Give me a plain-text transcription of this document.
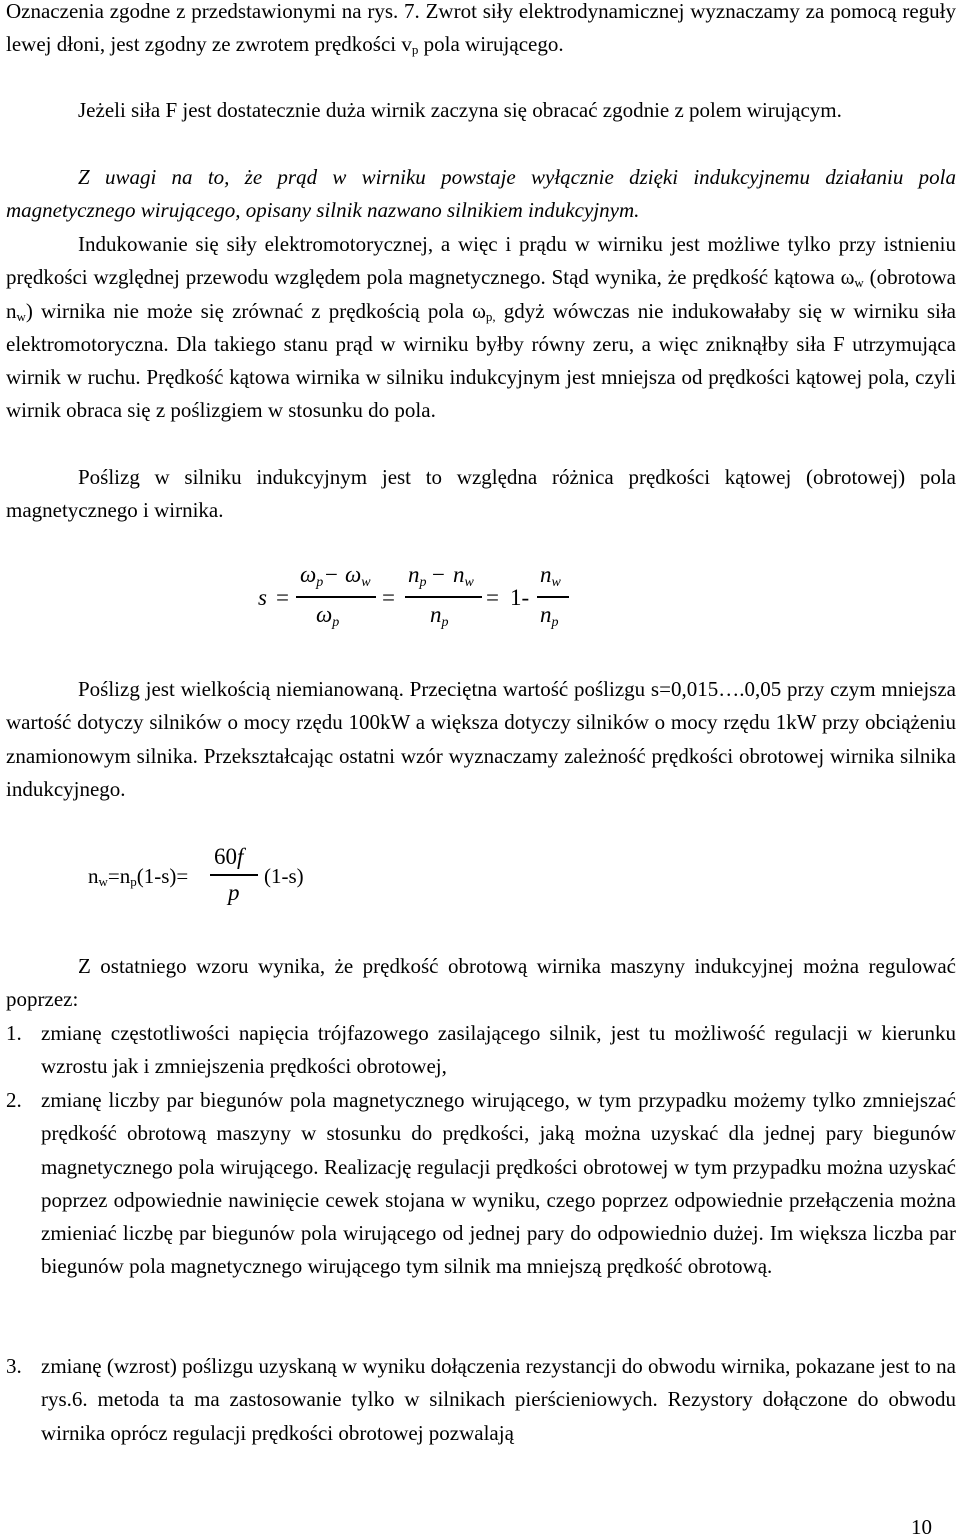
Oznaczenia zgodne z przedstawionymi na rys. 7. Zwrot siły elektrodynamicznej wyznaczamy za pomocą reguły lewej dłoni, jest zgodny ze zwrotem prędkości $v_p$ pola wirującego.
Jeżeli siła F jest dostatecznie duża wirnik zaczyna się obracać zgodnie z polem wirującym.
Z uwagi na to, że prąd w wirniku powstaje wyłącznie dzięki indukcyjnemu działaniu pola magnetycznego wirującego, opisany silnik nazwano silnikiem indukcyjnym.
Indukowanie się siły elektromotorycznej, a więc i prądu w wirniku jest możliwe tylko przy istnieniu prędkości względnej przewodu względem pola magnetycznego. Stąd wynika, że prędkość kątowa $\omega_w$ (obrotowa $n_w$) wirnika nie może się zrównać z prędkością pola $\omega_{p,}$ gdyż wówczas nie indukowałaby się w wirniku siła elektromotoryczna. Dla takiego stanu prąd w wirniku byłby równy zeru, a więc zniknąłby siła F utrzymująca wirnik w ruchu. Prędkość kątowa wirnika w silniku indukcyjnym jest mniejsza od prędkości kątowej pola, czyli wirnik obraca się z poślizgiem w stosunku do pola.
Poślizg w silniku indukcyjnym jest to względna różnica prędkości kątowej (obrotowej) pola magnetycznego i wirnika.
s =
ωp − ωw
ωp
=
np − nw
np
= 1-
nw
np
Poślizg jest wielkością niemianowaną. Przeciętna wartość poślizgu s=0,015….0,05 przy czym mniejsza wartość dotyczy silników o mocy rzędu 100kW a większa dotyczy silników o mocy rzędu 1kW przy obciążeniu znamionowym silnika. Przekształcając ostatni wzór wyznaczamy zależność prędkości obrotowej wirnika silnika indukcyjnego.
$n_w=n_p(1-s)=$
60f
p
(1-s)
Z ostatniego wzoru wynika, że prędkość obrotową wirnika maszyny indukcyjnej można regulować poprzez:
1. zmianę częstotliwości napięcia trójfazowego zasilającego silnik, jest tu możliwość regulacji w kierunku wzrostu jak i zmniejszenia prędkości obrotowej,
2. zmianę liczby par biegunów pola magnetycznego wirującego, w tym przypadku możemy tylko zmniejszać prędkość obrotową maszyny w stosunku do prędkości, jaką można uzyskać dla jednej pary biegunów magnetycznego pola wirującego. Realizację regulacji prędkości obrotowej w tym przypadku można uzyskać poprzez odpowiednie nawinięcie cewek stojana w wyniku, czego poprzez odpowiednie przełączenia można zmieniać liczbę par biegunów pola wirującego od jednej pary do odpowiednio dużej. Im większa liczba par biegunów pola magnetycznego wirującego tym silnik ma mniejszą prędkość obrotową.
3. zmianę (wzrost) poślizgu uzyskaną w wyniku dołączenia rezystancji do obwodu wirnika, pokazane jest to na rys.6. metoda ta ma zastosowanie tylko w silnikach pierścieniowych. Rezystory dołączone do obwodu wirnika oprócz regulacji prędkości obrotowej pozwalają
10
